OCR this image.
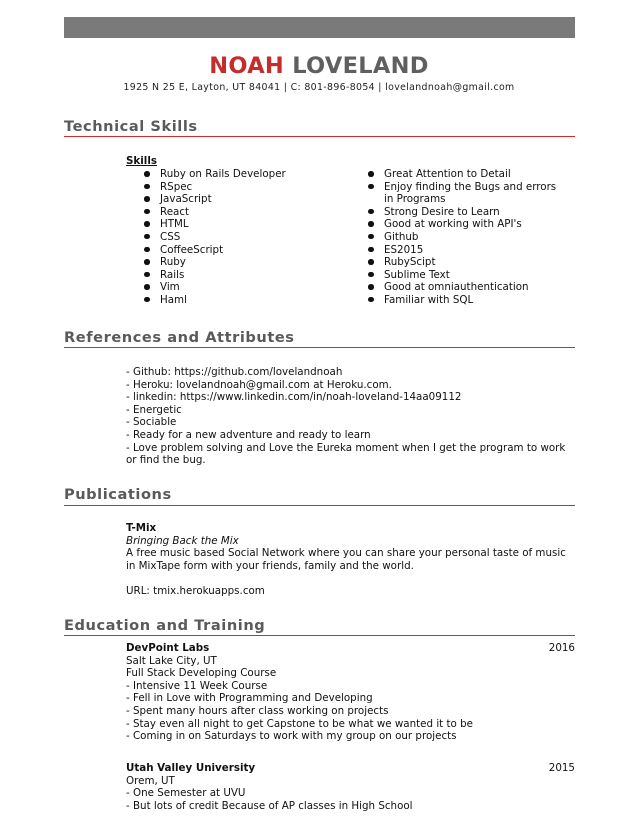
NOAH LOVELAND
1925 N 25 E, Layton, UT 84041 | C: 801-896-8054 | lovelandnoah@gmail.com
Technical Skills
Skills
Ruby on Rails Developer
RSpec
JavaScript
React
HTML
CSS
CoffeeScript
Ruby
Rails
Vim
Haml
Great Attention to Detail
Enjoy finding the Bugs and errors in Programs
Strong Desire to Learn
Good at working with API's
Github
ES2015
RubyScipt
Sublime Text
Good at omniauthentication
Familiar with SQL
References and Attributes
- Github: https://github.com/lovelandnoah
- Heroku: lovelandnoah@gmail.com at Heroku.com.
- linkedin: https://www.linkedin.com/in/noah-loveland-14aa09112
- Energetic
- Sociable
- Ready for a new adventure and ready to learn
- Love problem solving and Love the Eureka moment when I get the program to work or find the bug.
Publications
T-Mix
Bringing Back the Mix
A free music based Social Network where you can share your personal taste of music in MixTape form with your friends, family and the world.
URL: tmix.herokuapps.com
Education and Training
DevPoint Labs	2016
Salt Lake City, UT
Full Stack Developing Course
- Intensive 11 Week Course
- Fell in Love with Programming and Developing
- Spent many hours after class working on projects
- Stay even all night to get Capstone to be what we wanted it to be
- Coming in on Saturdays to work with my group on our projects
Utah Valley University	2015
Orem, UT
- One Semester at UVU
- But lots of credit Because of AP classes in High School
